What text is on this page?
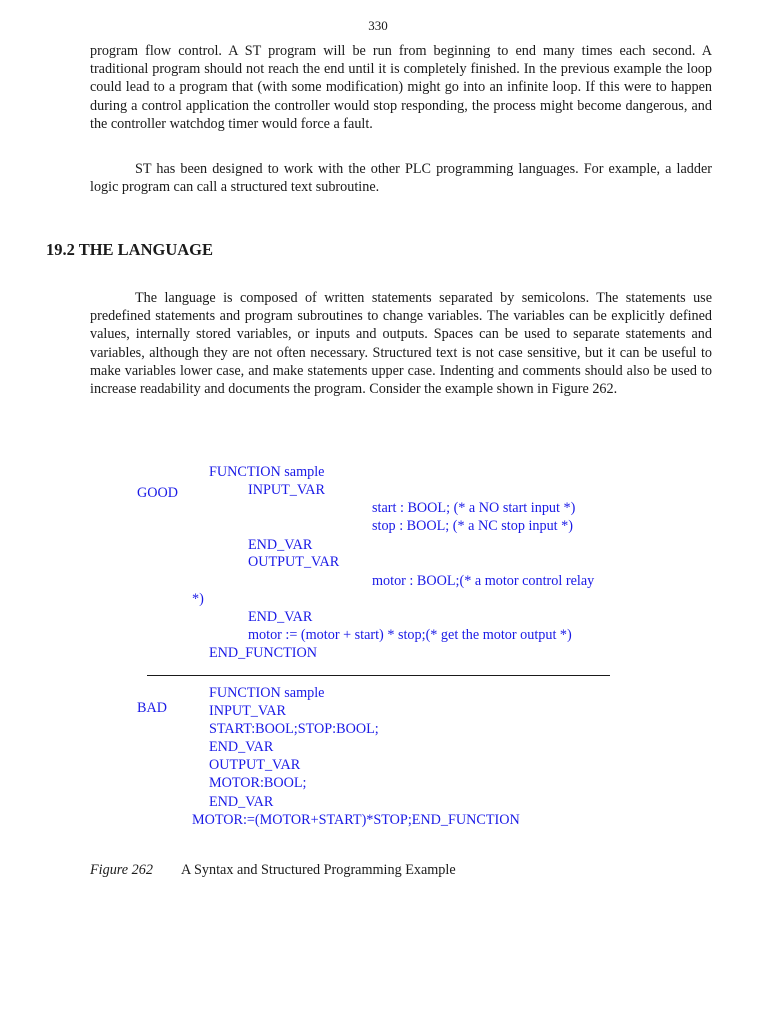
330

program flow control. A ST program will be run from beginning to end many times each second. A traditional program should not reach the end until it is completely finished. In the previous example the loop could lead to a program that (with some modification) might go into an infinite loop. If this were to happen during a control application the controller would stop responding, the process might become dangerous, and the controller watchdog timer would force a fault.

ST has been designed to work with the other PLC programming languages. For example, a ladder logic program can call a structured text subroutine.

19.2 THE LANGUAGE

The language is composed of written statements separated by semicolons. The statements use predefined statements and program subroutines to change variables. The variables can be explicitly defined values, internally stored variables, or inputs and outputs. Spaces can be used to separate statements and variables, although they are not often necessary. Structured text is not case sensitive, but it can be useful to make variables lower case, and make statements upper case. Indenting and comments should also be used to increase readability and documents the program. Consider the example shown in Figure 262.

GOOD
FUNCTION sample
INPUT_VAR
start : BOOL; (* a NO start input *)
stop : BOOL; (* a NC stop input *)
END_VAR
OUTPUT_VAR
motor : BOOL;(* a motor control relay
*)
END_VAR
motor := (motor + start) * stop;(* get the motor output *)
END_FUNCTION
BAD
FUNCTION sample
INPUT_VAR
START:BOOL;STOP:BOOL;
END_VAR
OUTPUT_VAR
MOTOR:BOOL;
END_VAR
MOTOR:=(MOTOR+START)*STOP;END_FUNCTION
Figure 262 A Syntax and Structured Programming Example
